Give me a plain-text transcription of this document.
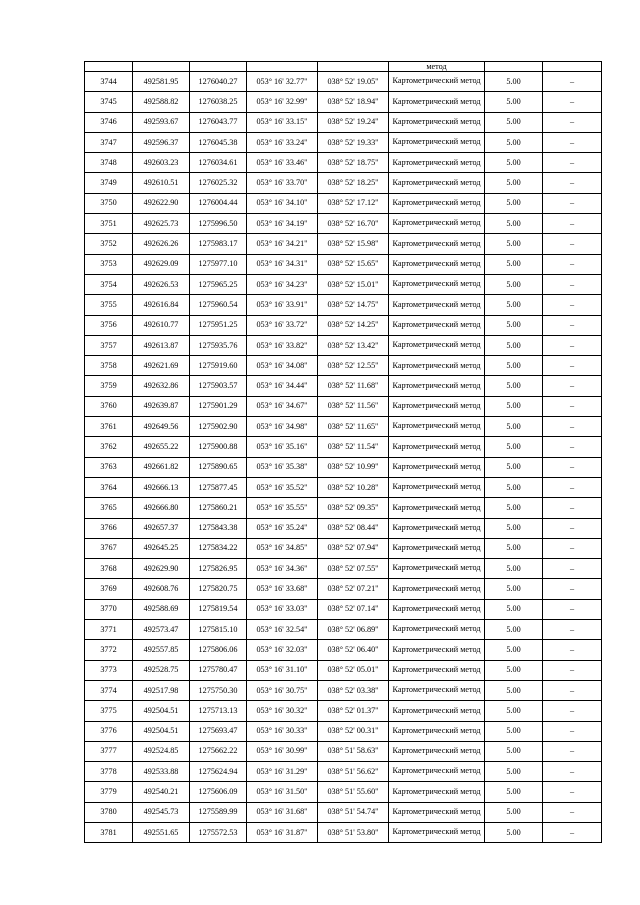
					метод		
3744	492581.95	1276040.27	053° 16' 32.77"	038° 52' 19.05"	Картометрический метод	5.00	–
3745	492588.82	1276038.25	053° 16' 32.99"	038° 52' 18.94"	Картометрический метод	5.00	–
3746	492593.67	1276043.77	053° 16' 33.15"	038° 52' 19.24"	Картометрический метод	5.00	–
3747	492596.37	1276045.38	053° 16' 33.24"	038° 52' 19.33"	Картометрический метод	5.00	–
3748	492603.23	1276034.61	053° 16' 33.46"	038° 52' 18.75"	Картометрический метод	5.00	–
3749	492610.51	1276025.32	053° 16' 33.70"	038° 52' 18.25"	Картометрический метод	5.00	–
3750	492622.90	1276004.44	053° 16' 34.10"	038° 52' 17.12"	Картометрический метод	5.00	–
3751	492625.73	1275996.50	053° 16' 34.19"	038° 52' 16.70"	Картометрический метод	5.00	–
3752	492626.26	1275983.17	053° 16' 34.21"	038° 52' 15.98"	Картометрический метод	5.00	–
3753	492629.09	1275977.10	053° 16' 34.31"	038° 52' 15.65"	Картометрический метод	5.00	–
3754	492626.53	1275965.25	053° 16' 34.23"	038° 52' 15.01"	Картометрический метод	5.00	–
3755	492616.84	1275960.54	053° 16' 33.91"	038° 52' 14.75"	Картометрический метод	5.00	–
3756	492610.77	1275951.25	053° 16' 33.72"	038° 52' 14.25"	Картометрический метод	5.00	–
3757	492613.87	1275935.76	053° 16' 33.82"	038° 52' 13.42"	Картометрический метод	5.00	–
3758	492621.69	1275919.60	053° 16' 34.08"	038° 52' 12.55"	Картометрический метод	5.00	–
3759	492632.86	1275903.57	053° 16' 34.44"	038° 52' 11.68"	Картометрический метод	5.00	–
3760	492639.87	1275901.29	053° 16' 34.67"	038° 52' 11.56"	Картометрический метод	5.00	–
3761	492649.56	1275902.90	053° 16' 34.98"	038° 52' 11.65"	Картометрический метод	5.00	–
3762	492655.22	1275900.88	053° 16' 35.16"	038° 52' 11.54"	Картометрический метод	5.00	–
3763	492661.82	1275890.65	053° 16' 35.38"	038° 52' 10.99"	Картометрический метод	5.00	–
3764	492666.13	1275877.45	053° 16' 35.52"	038° 52' 10.28"	Картометрический метод	5.00	–
3765	492666.80	1275860.21	053° 16' 35.55"	038° 52' 09.35"	Картометрический метод	5.00	–
3766	492657.37	1275843.38	053° 16' 35.24"	038° 52' 08.44"	Картометрический метод	5.00	–
3767	492645.25	1275834.22	053° 16' 34.85"	038° 52' 07.94"	Картометрический метод	5.00	–
3768	492629.90	1275826.95	053° 16' 34.36"	038° 52' 07.55"	Картометрический метод	5.00	–
3769	492608.76	1275820.75	053° 16' 33.68"	038° 52' 07.21"	Картометрический метод	5.00	–
3770	492588.69	1275819.54	053° 16' 33.03"	038° 52' 07.14"	Картометрический метод	5.00	–
3771	492573.47	1275815.10	053° 16' 32.54"	038° 52' 06.89"	Картометрический метод	5.00	–
3772	492557.85	1275806.06	053° 16' 32.03"	038° 52' 06.40"	Картометрический метод	5.00	–
3773	492528.75	1275780.47	053° 16' 31.10"	038° 52' 05.01"	Картометрический метод	5.00	–
3774	492517.98	1275750.30	053° 16' 30.75"	038° 52' 03.38"	Картометрический метод	5.00	–
3775	492504.51	1275713.13	053° 16' 30.32"	038° 52' 01.37"	Картометрический метод	5.00	–
3776	492504.51	1275693.47	053° 16' 30.33"	038° 52' 00.31"	Картометрический метод	5.00	–
3777	492524.85	1275662.22	053° 16' 30.99"	038° 51' 58.63"	Картометрический метод	5.00	–
3778	492533.88	1275624.94	053° 16' 31.29"	038° 51' 56.62"	Картометрический метод	5.00	–
3779	492540.21	1275606.09	053° 16' 31.50"	038° 51' 55.60"	Картометрический метод	5.00	–
3780	492545.73	1275589.99	053° 16' 31.68"	038° 51' 54.74"	Картометрический метод	5.00	–
3781	492551.65	1275572.53	053° 16' 31.87"	038° 51' 53.80"	Картометрический метод	5.00	–
